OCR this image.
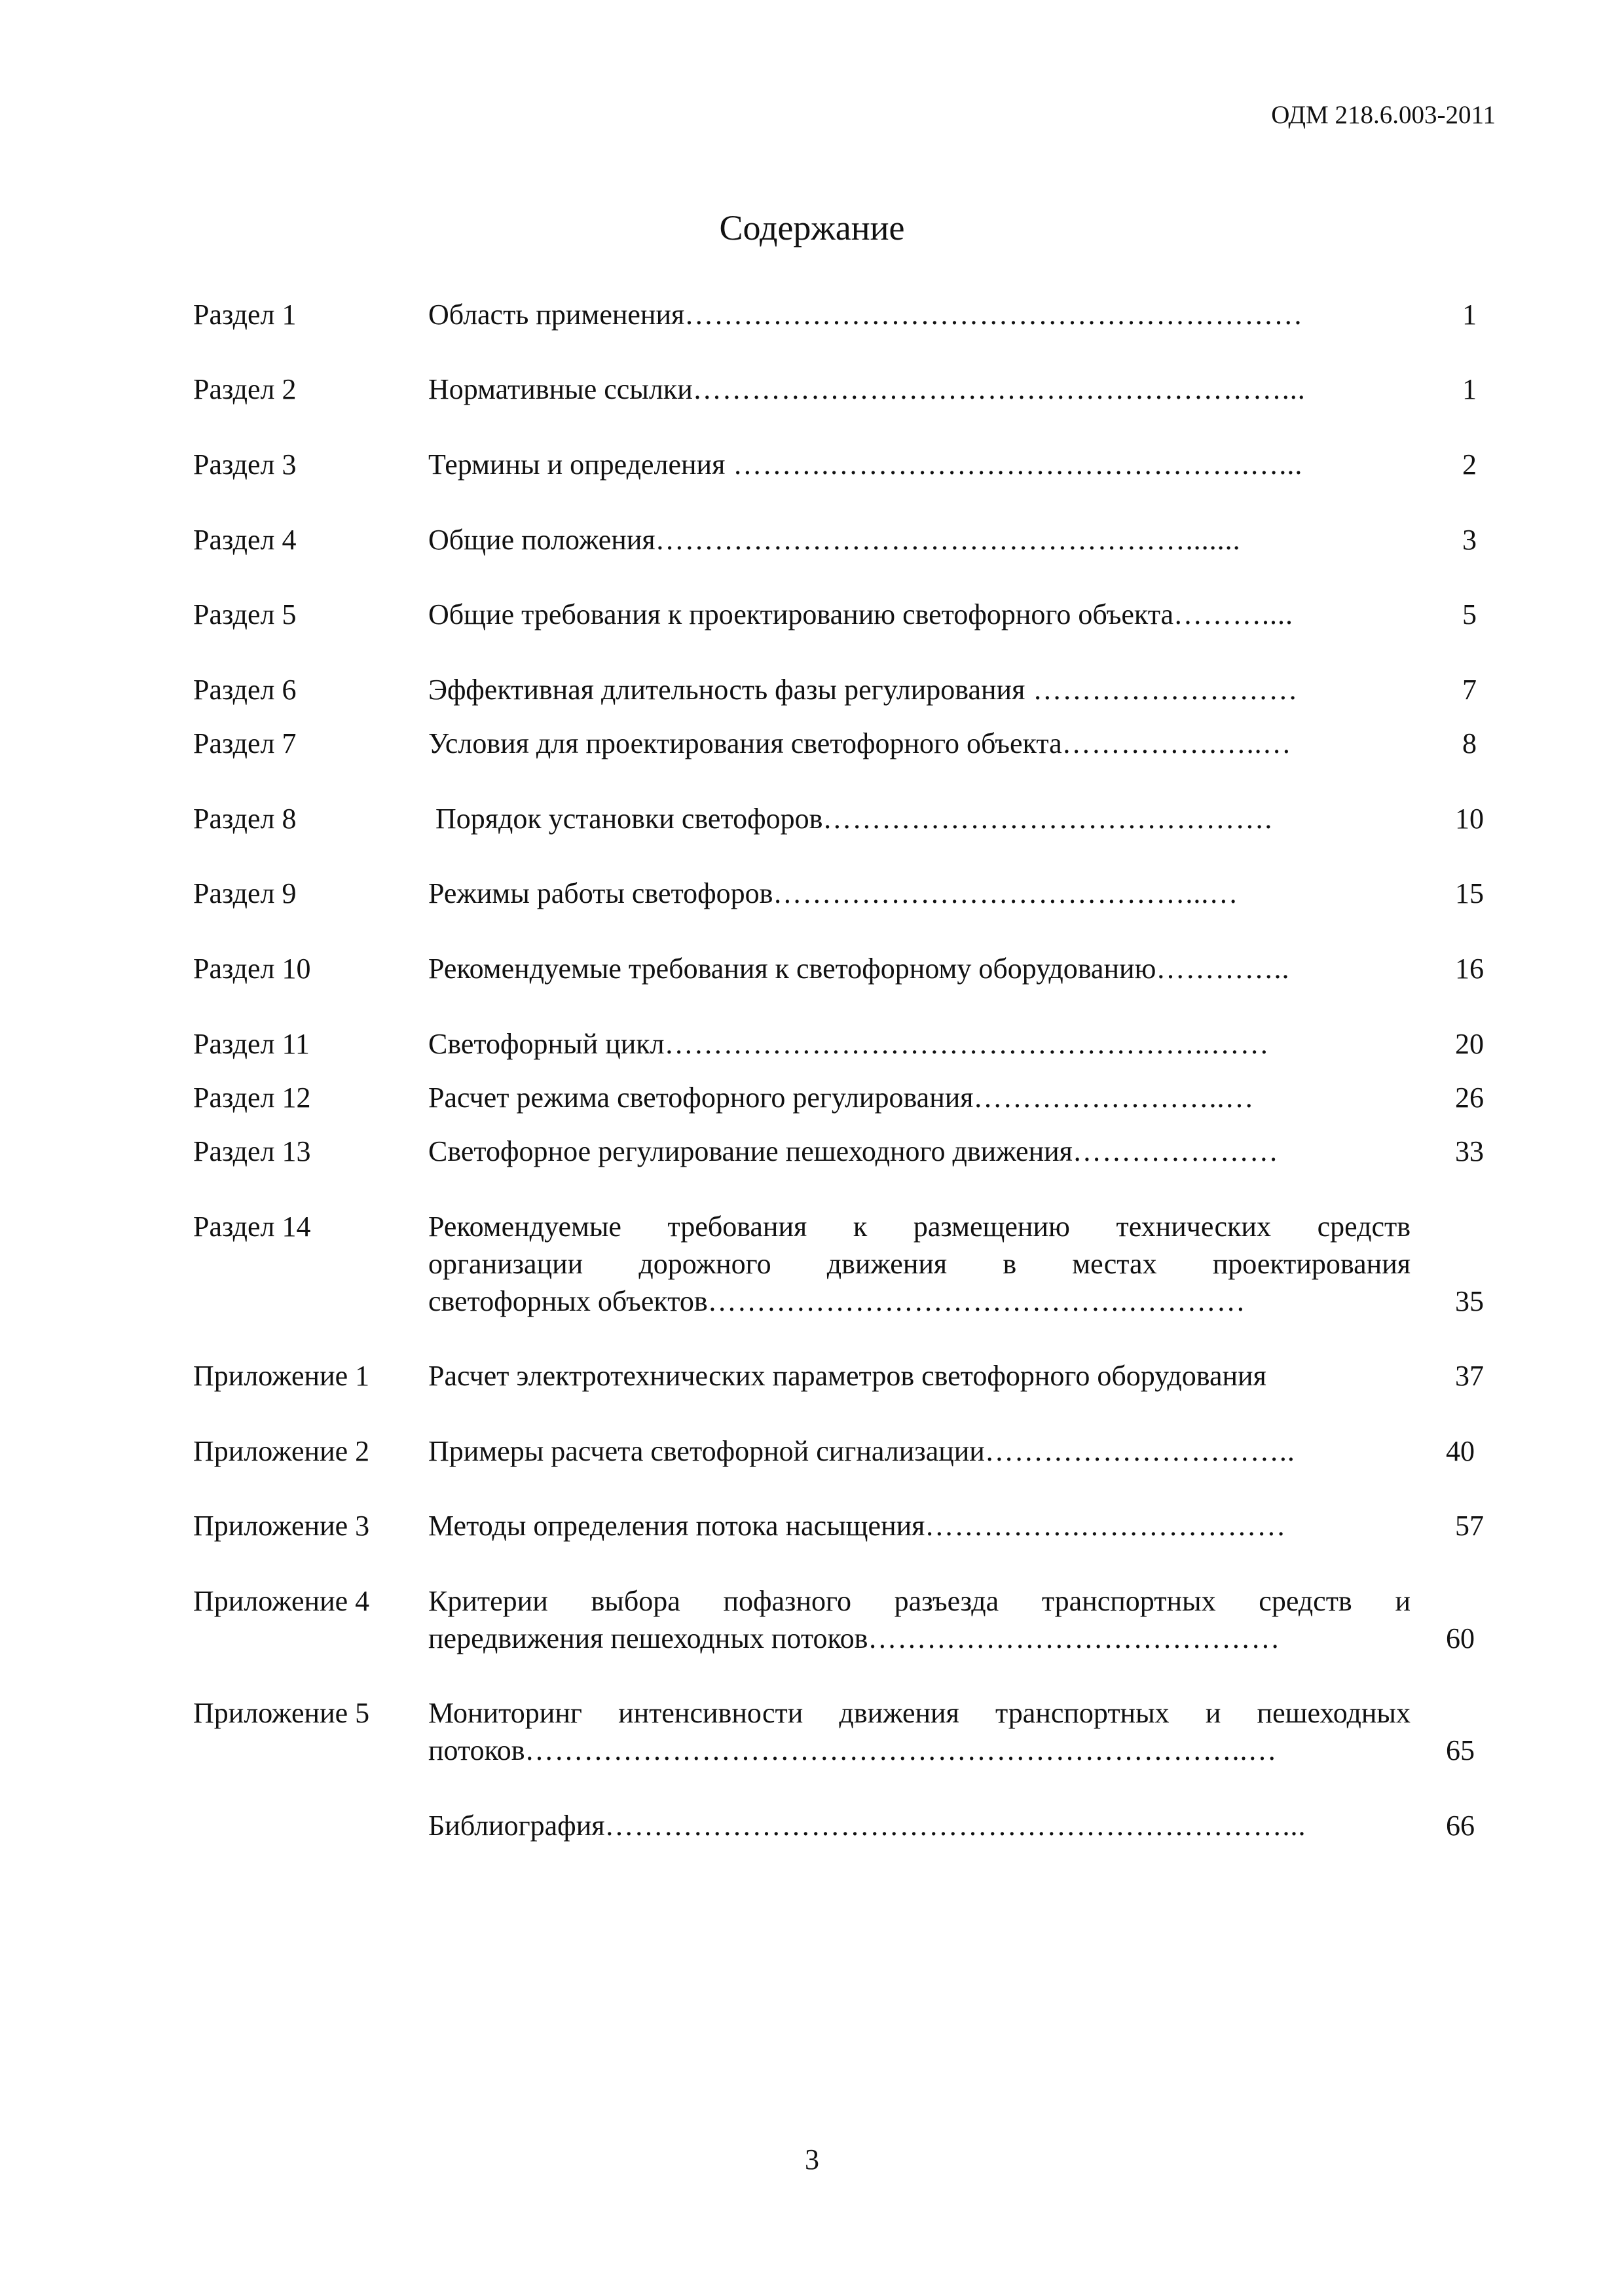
ОДМ 218.6.003-2011
Содержание
Раздел 1	Область применения………………………………………………………	1
Раздел 2	Нормативные ссылки……………………………………………………...	1
Раздел 3	Термины и определения ……….…………………………………….…...	2
Раздел 4	Общие положения……………………………………………….......	3
Раздел 5	Общие требования к проектированию светофорного объекта………....	5
Раздел 6	Эффективная длительность фазы регулирования ………………………	7
Раздел 7	Условия для проектирования светофорного объекта…………….…..…	8
Раздел 8	Порядок установки светофоров……………………………………….	10
Раздел 9	Режимы работы светофоров……………………………………...…	15
Раздел 10	Рекомендуемые требования к светофорному оборудованию…………..	16
Раздел 11	Светофорный цикл………………………………………………..……	20
Раздел 12	Расчет режима светофорного регулирования……………………..…	26
Раздел 13	Светофорное регулирование пешеходного движения…………………	33
Раздел 14	Рекомендуемые требования к размещению технических средств
организации дорожного движения в местах проектирования
светофорных объектов…………………………………….…………	35
Приложение 1 Расчет электротехнических параметров светофорного оборудования	37
Приложение 2 Примеры расчета светофорной сигнализации…………………………..	40
Приложение 3 Методы определения потока насыщения…………….…………………	57
Приложение 4 Критерии выбора пофазного разъезда транспортных средств и
передвижения пешеходных потоков……………………………………	60
Приложение 5 Мониторинг интенсивности движения транспортных и пешеходных
потоков………………………………………………………………..…	65
Библиография……………………………………………………………...	66
3
